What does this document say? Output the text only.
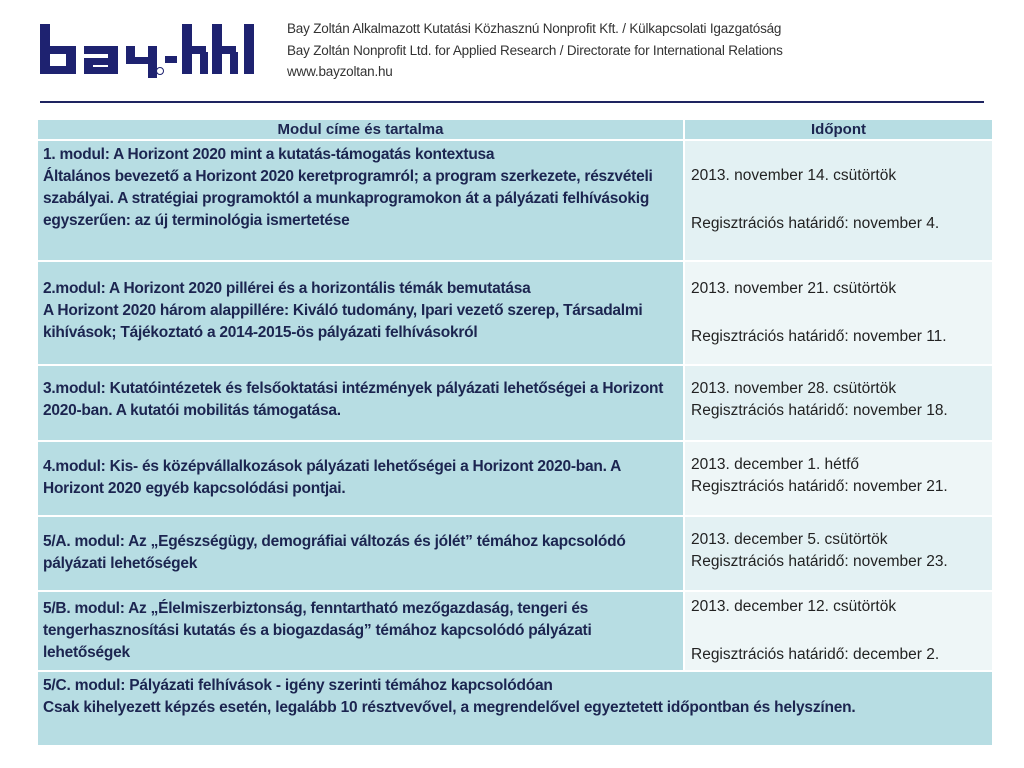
Bay Zoltán Alkalmazott Kutatási Közhasznú Nonprofit Kft. / Külkapcsolati Igazgatóság
Bay Zoltán Nonprofit Ltd. for Applied Research / Directorate for International Relations
www.bayzoltan.hu
Modul címe és tartalma	Időpont
1. modul: A Horizont 2020 mint a kutatás-támogatás kontextusa
Általános bevezető a Horizont 2020 keretprogramról; a program szerkezete, részvételi szabályai. A stratégiai programoktól a munkaprogramokon át a pályázati felhívásokig egyszerűen: az új terminológia ismertetése	2013. november 14. csütörtök
Regisztrációs határidő: november 4.

2.modul: A Horizont 2020 pillérei és a horizontális témák bemutatása
A Horizont 2020 három alappillére: Kiváló tudomány, Ipari vezető szerep, Társadalmi kihívások; Tájékoztató a 2014-2015-ös pályázati felhívásokról	2013. november 21. csütörtök
Regisztrációs határidő: november 11.

3.modul: Kutatóintézetek és felsőoktatási intézmények pályázati lehetőségei a Horizont 2020-ban. A kutatói mobilitás támogatása.	2013. november 28. csütörtök
Regisztrációs határidő: november 18.

4.modul: Kis- és középvállalkozások pályázati lehetőségei a Horizont 2020-ban. A Horizont 2020 egyéb kapcsolódási pontjai.	2013. december 1. hétfő
Regisztrációs határidő: november 21.

5/A. modul: Az „Egészségügy, demográfiai változás és jólét” témához kapcsolódó pályázati lehetőségek	2013. december 5. csütörtök
Regisztrációs határidő: november 23.

5/B. modul: Az „Élelmiszerbiztonság, fenntartható mezőgazdaság, tengeri és tengerhasznosítási kutatás és a biogazdaság” témához kapcsolódó pályázati lehetőségek	2013. december 12. csütörtök
Regisztrációs határidő: december 2.

5/C. modul: Pályázati felhívások - igény szerinti témához kapcsolódóan

Csak kihelyezett képzés esetén, legalább 10 résztvevővel, a megrendelővel egyeztetett időpontban és helyszínen.	
